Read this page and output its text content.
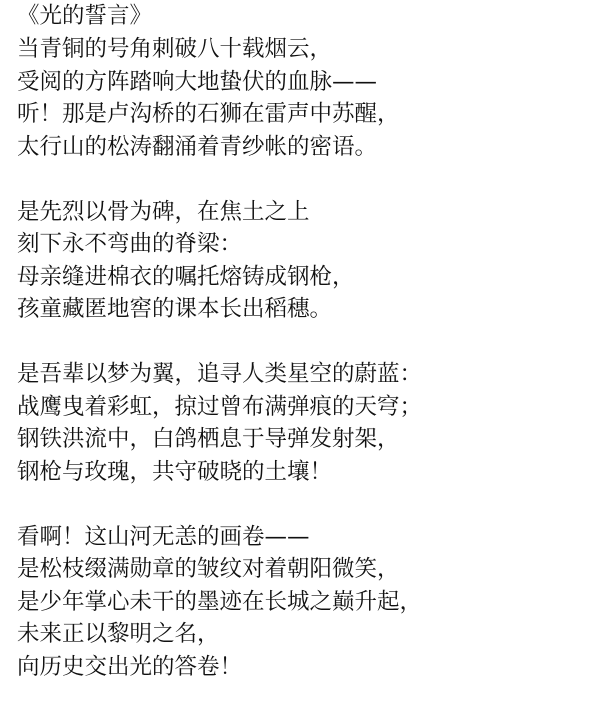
《光的誓言》
当青铜的号角刺破八十载烟云，
受阅的方阵踏响大地蛰伏的血脉——
听！那是卢沟桥的石狮在雷声中苏醒，
太行山的松涛翻涌着青纱帐的密语。
是先烈以骨为碑，在焦土之上
刻下永不弯曲的脊梁：
母亲缝进棉衣的嘱托熔铸成钢枪，
孩童藏匿地窖的课本长出稻穗。
是吾辈以梦为翼，追寻人类星空的蔚蓝：
战鹰曳着彩虹，掠过曾布满弹痕的天穹；
钢铁洪流中，白鸽栖息于导弹发射架，
钢枪与玫瑰，共守破晓的土壤！
看啊！这山河无恙的画卷——
是松枝缀满勋章的皱纹对着朝阳微笑，
是少年掌心未干的墨迹在长城之巅升起，
未来正以黎明之名，
向历史交出光的答卷！
